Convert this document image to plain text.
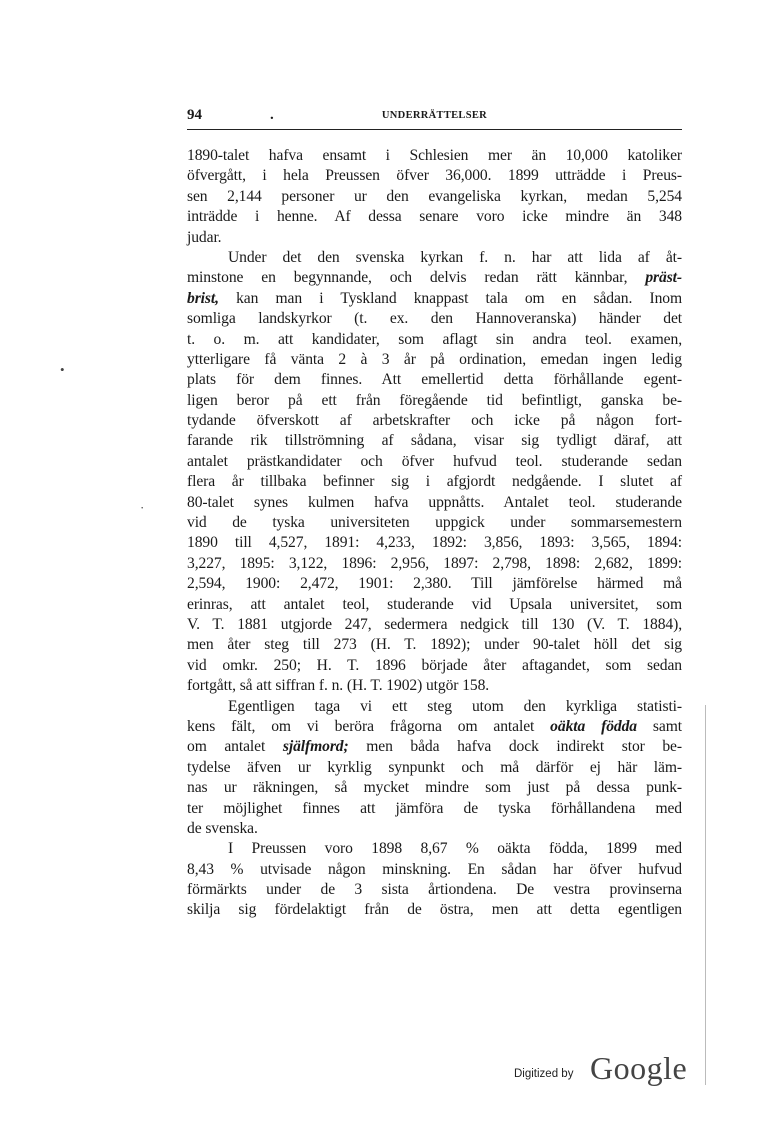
94	.	UNDERRÄTTELSER
1890-talet hafva ensamt i Schlesien mer än 10,000 katoliker
öfvergått, i hela Preussen öfver 36,000. 1899 utträdde i Preus-
sen 2,144 personer ur den evangeliska kyrkan, medan 5,254
inträdde i henne. Af dessa senare voro icke mindre än 348
judar.
Under det den svenska kyrkan f. n. har att lida af åt-
minstone en begynnande, och delvis redan rätt kännbar, präst-
brist, kan man i Tyskland knappast tala om en sådan. Inom
somliga landskyrkor (t. ex. den Hannoveranska) händer det
t. o. m. att kandidater, som aflagt sin andra teol. examen,
ytterligare få vänta 2 à 3 år på ordination, emedan ingen ledig
plats för dem finnes. Att emellertid detta förhållande egent-
ligen beror på ett från föregående tid befintligt, ganska be-
tydande öfverskott af arbetskrafter och icke på någon fort-
farande rik tillströmning af sådana, visar sig tydligt däraf, att
antalet prästkandidater och öfver hufvud teol. studerande sedan
flera år tillbaka befinner sig i afgjordt nedgående. I slutet af
80-talet synes kulmen hafva uppnåtts. Antalet teol. studerande
vid de tyska universiteten uppgick under sommarsemestern
1890 till 4,527, 1891: 4,233, 1892: 3,856, 1893: 3,565, 1894:
3,227, 1895: 3,122, 1896: 2,956, 1897: 2,798, 1898: 2,682, 1899:
2,594, 1900: 2,472, 1901: 2,380. Till jämförelse härmed må
erinras, att antalet teol, studerande vid Upsala universitet, som
V. T. 1881 utgjorde 247, sedermera nedgick till 130 (V. T. 1884),
men åter steg till 273 (H. T. 1892); under 90-talet höll det sig
vid omkr. 250; H. T. 1896 började åter aftagandet, som sedan
fortgått, så att siffran f. n. (H. T. 1902) utgör 158.
Egentligen taga vi ett steg utom den kyrkliga statisti-
kens fält, om vi beröra frågorna om antalet oäkta födda samt
om antalet själfmord; men båda hafva dock indirekt stor be-
tydelse äfven ur kyrklig synpunkt och må därför ej här läm-
nas ur räkningen, så mycket mindre som just på dessa punk-
ter möjlighet finnes att jämföra de tyska förhållandena med
de svenska.
I Preussen voro 1898 8,67 % oäkta födda, 1899 med
8,43 % utvisade någon minskning. En sådan har öfver hufvud
förmärkts under de 3 sista årtiondena. De vestra provinserna
skilja sig fördelaktigt från de östra, men att detta egentligen
•
·
Digitized by Google
